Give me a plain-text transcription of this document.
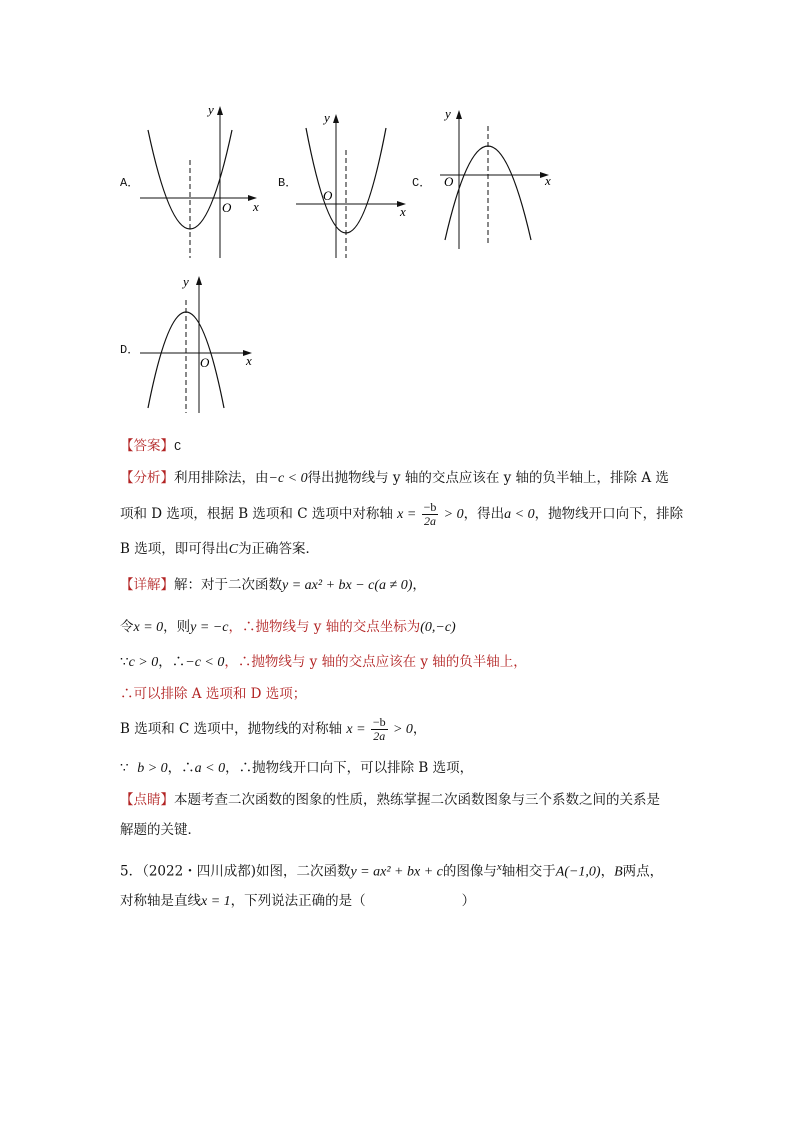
A．
x
y
O
B．
x
y
O
C．	x
y
O
D．
x
y
O
【答案】C
【分析】利用排除法，由−c < 0得出抛物线与 y 轴的交点应该在 y 轴的负半轴上，排除 A 选
项和 D 选项，根据 B 选项和 C 选项中对称轴 $x = \frac{-b}{2a} > 0$，得出a < 0，抛物线开口向下，排除
B 选项，即可得出C为正确答案．
【详解】解：对于二次函数y = ax² + bx − c(a ≠ 0)，
令x = 0，则y = −c，∴抛物线与 y 轴的交点坐标为(0,−c)
∵c > 0，∴−c < 0，∴抛物线与 y 轴的交点应该在 y 轴的负半轴上，
∴可以排除 A 选项和 D 选项；
B 选项和 C 选项中，抛物线的对称轴 $x = \frac{-b}{2a} > 0$，
∵ b > 0，∴a < 0，∴抛物线开口向下，可以排除 B 选项，
【点睛】本题考查二次函数的图象的性质，熟练掌握二次函数图象与三个系数之间的关系是
解题的关键．
5．（2022・四川成都)如图，二次函数y = ax² + bx + c的图像与$^x$轴相交于A(−1,0)，B两点，
对称轴是直线x = 1，下列说法正确的是（	）
